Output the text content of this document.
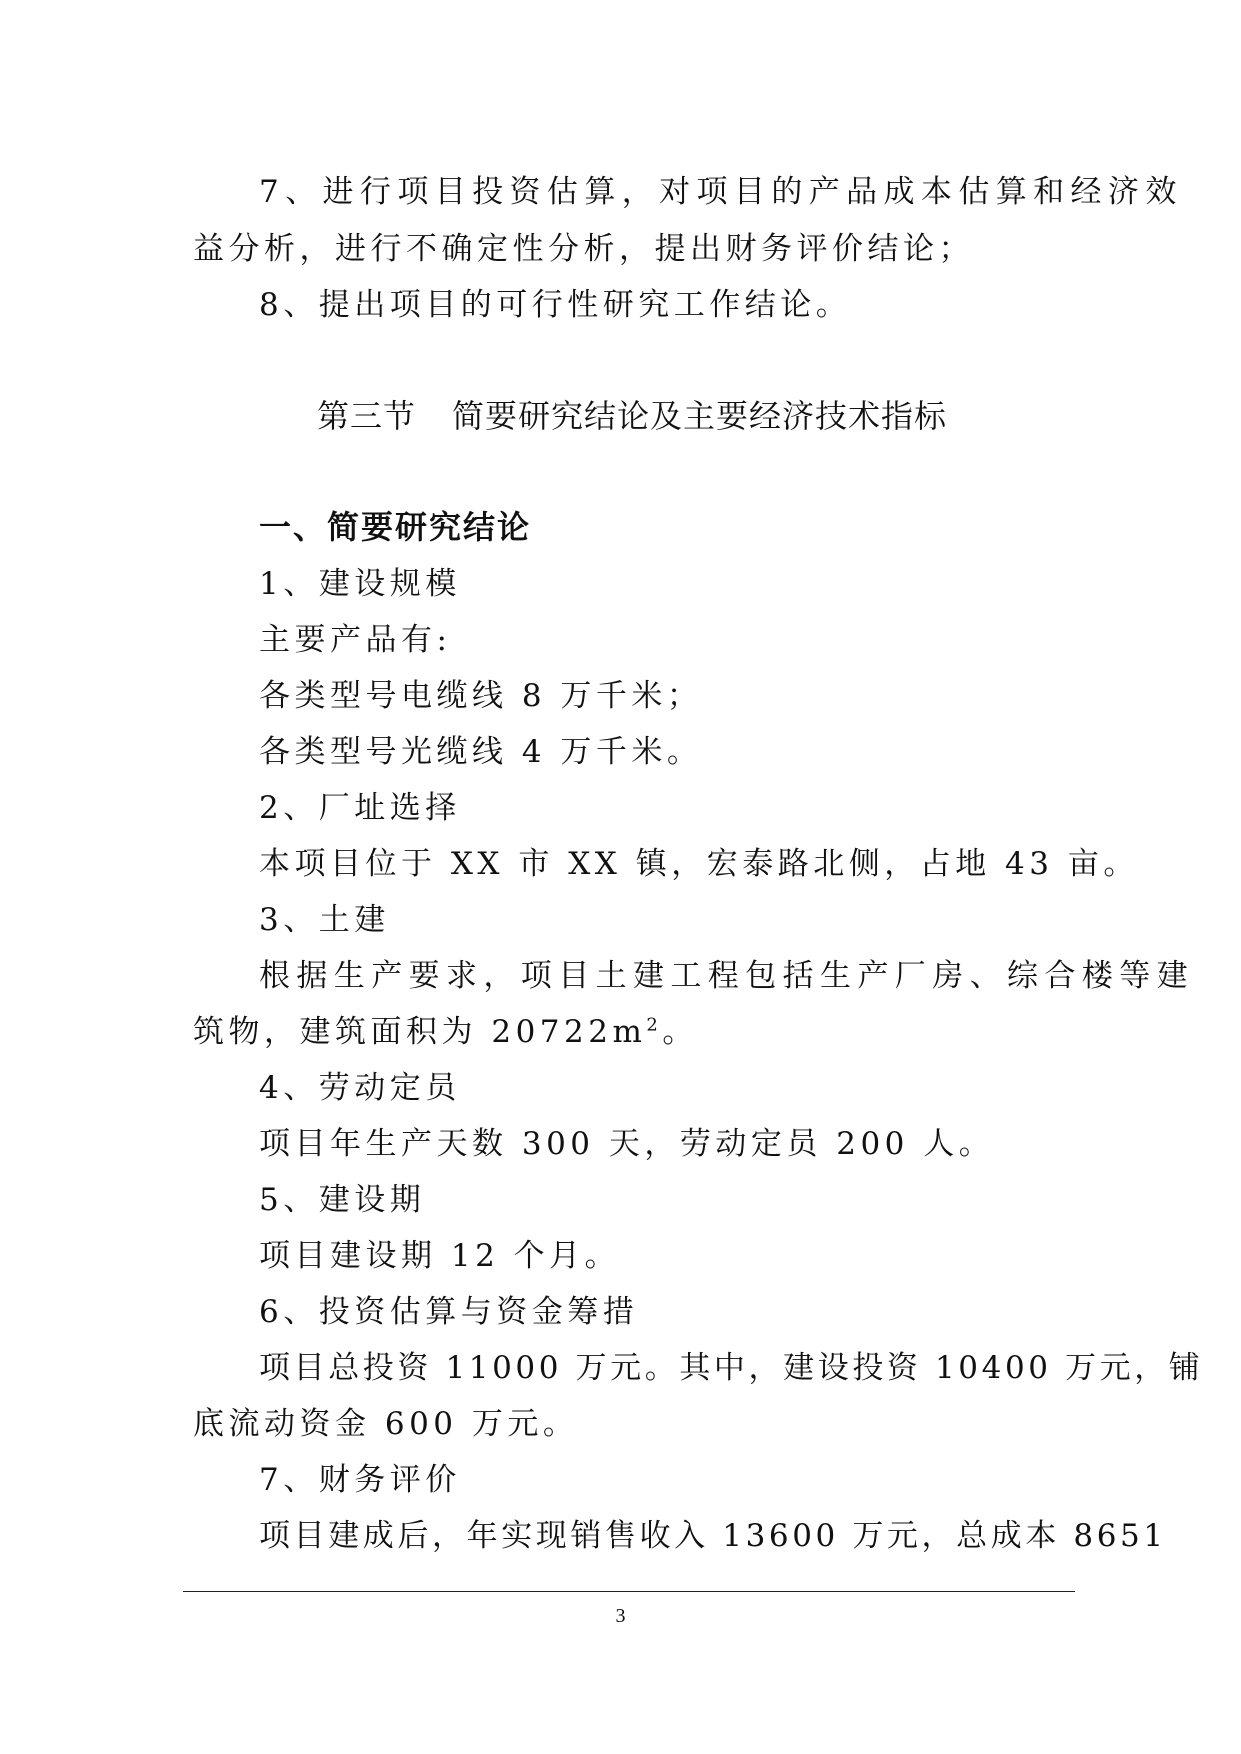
7、进行项目投资估算，对项目的产品成本估算和经济效
益分析，进行不确定性分析，提出财务评价结论；
8、提出项目的可行性研究工作结论。
第三节 简要研究结论及主要经济技术指标
一、简要研究结论
1、建设规模
主要产品有:
各类型号电缆线 8 万千米；
各类型号光缆线 4 万千米。
2、厂址选择
本项目位于 XX 市 XX 镇，宏泰路北侧，占地 43 亩。
3、土建
根据生产要求，项目土建工程包括生产厂房、综合楼等建
筑物，建筑面积为 $20722m^2$。
4、劳动定员
项目年生产天数 300 天，劳动定员 200 人。
5、建设期
项目建设期 12 个月。
6、投资估算与资金筹措
项目总投资 11000 万元。其中，建设投资 10400 万元，铺
底流动资金 600 万元。
7、财务评价
项目建成后，年实现销售收入 13600 万元，总成本 8651
3
